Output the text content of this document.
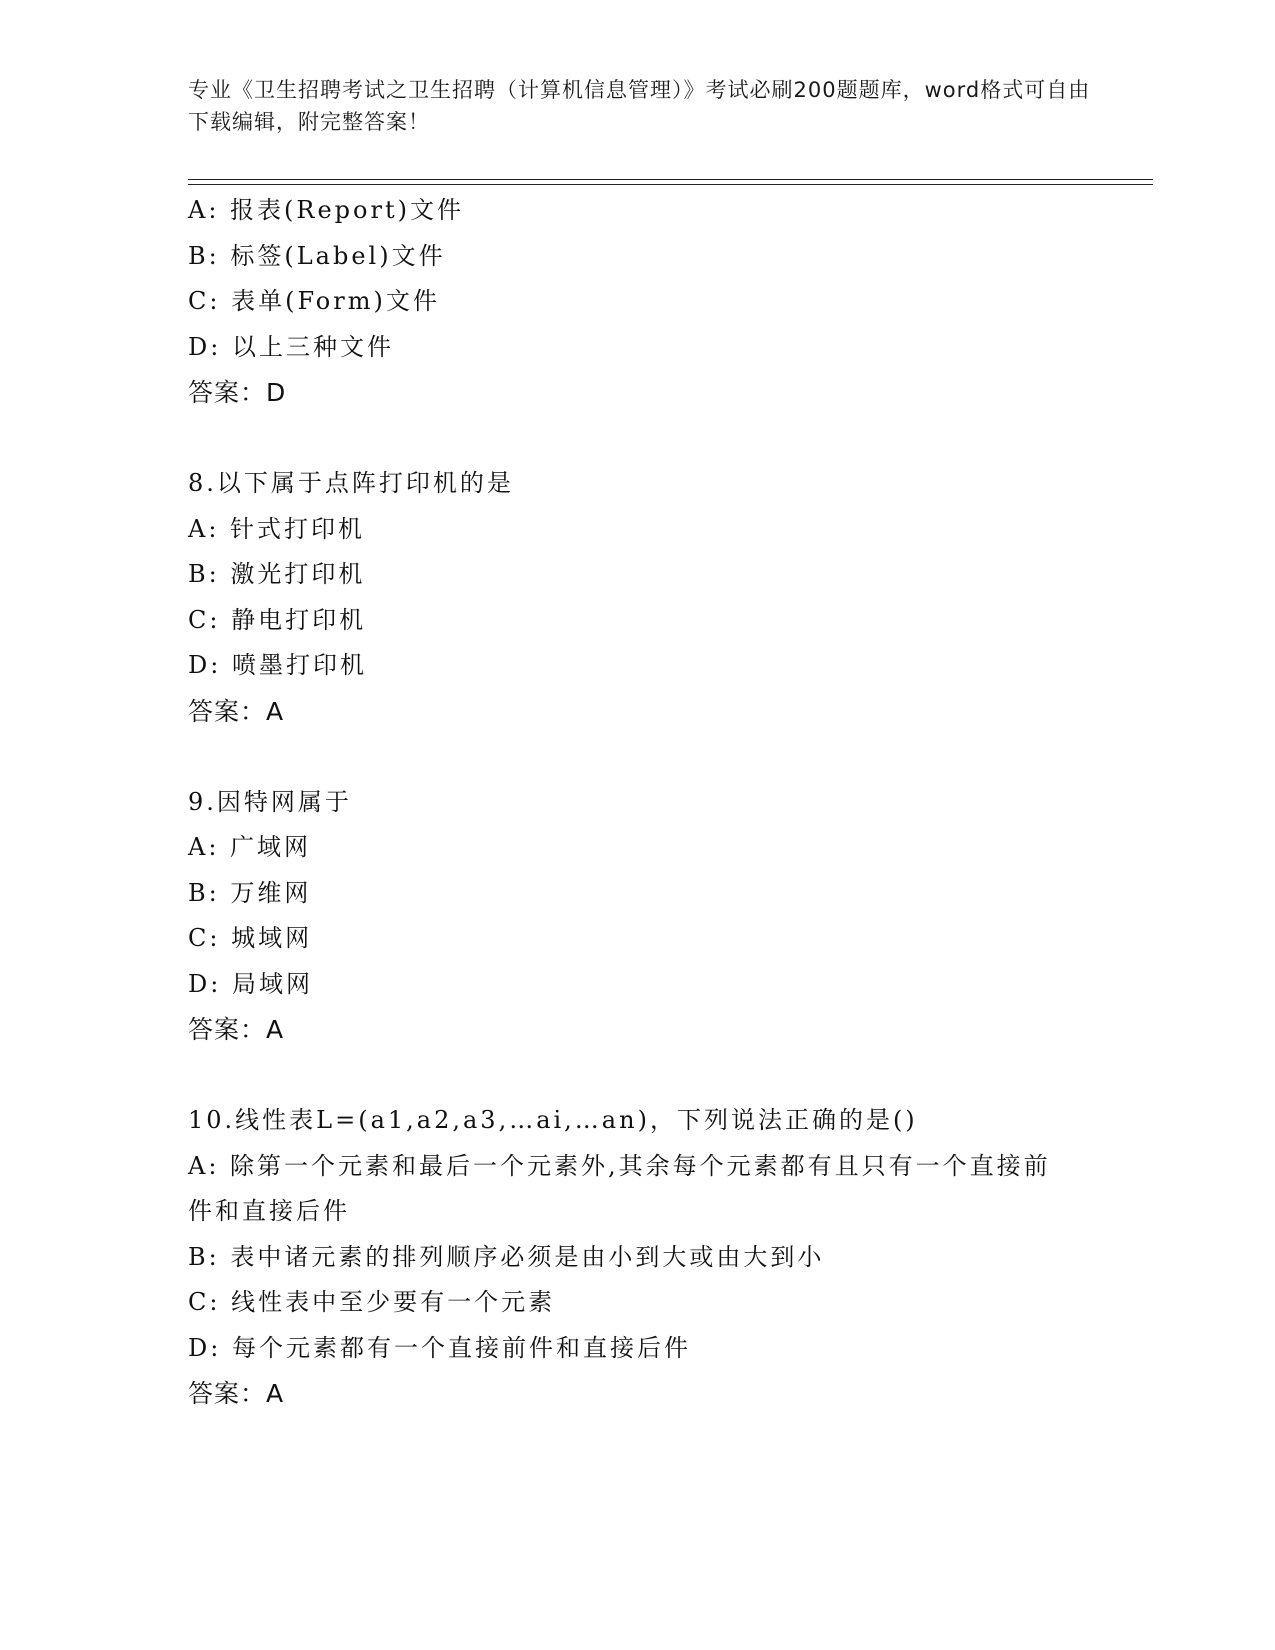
专业《卫生招聘考试之卫生招聘（计算机信息管理）》考试必刷200题题库，word格式可自由下载编辑，附完整答案！
A: 报表(Report)文件
B: 标签(Label)文件
C: 表单(Form)文件
D: 以上三种文件
答案：D
8.以下属于点阵打印机的是
A: 针式打印机
B: 激光打印机
C: 静电打印机
D: 喷墨打印机
答案：A
9.因特网属于
A: 广域网
B: 万维网
C: 城域网
D: 局域网
答案：A
10.线性表L=(a1,a2,a3,…ai,…an)，下列说法正确的是()
A: 除第一个元素和最后一个元素外,其余每个元素都有且只有一个直接前件和直接后件
B: 表中诸元素的排列顺序必须是由小到大或由大到小
C: 线性表中至少要有一个元素
D: 每个元素都有一个直接前件和直接后件
答案：A
